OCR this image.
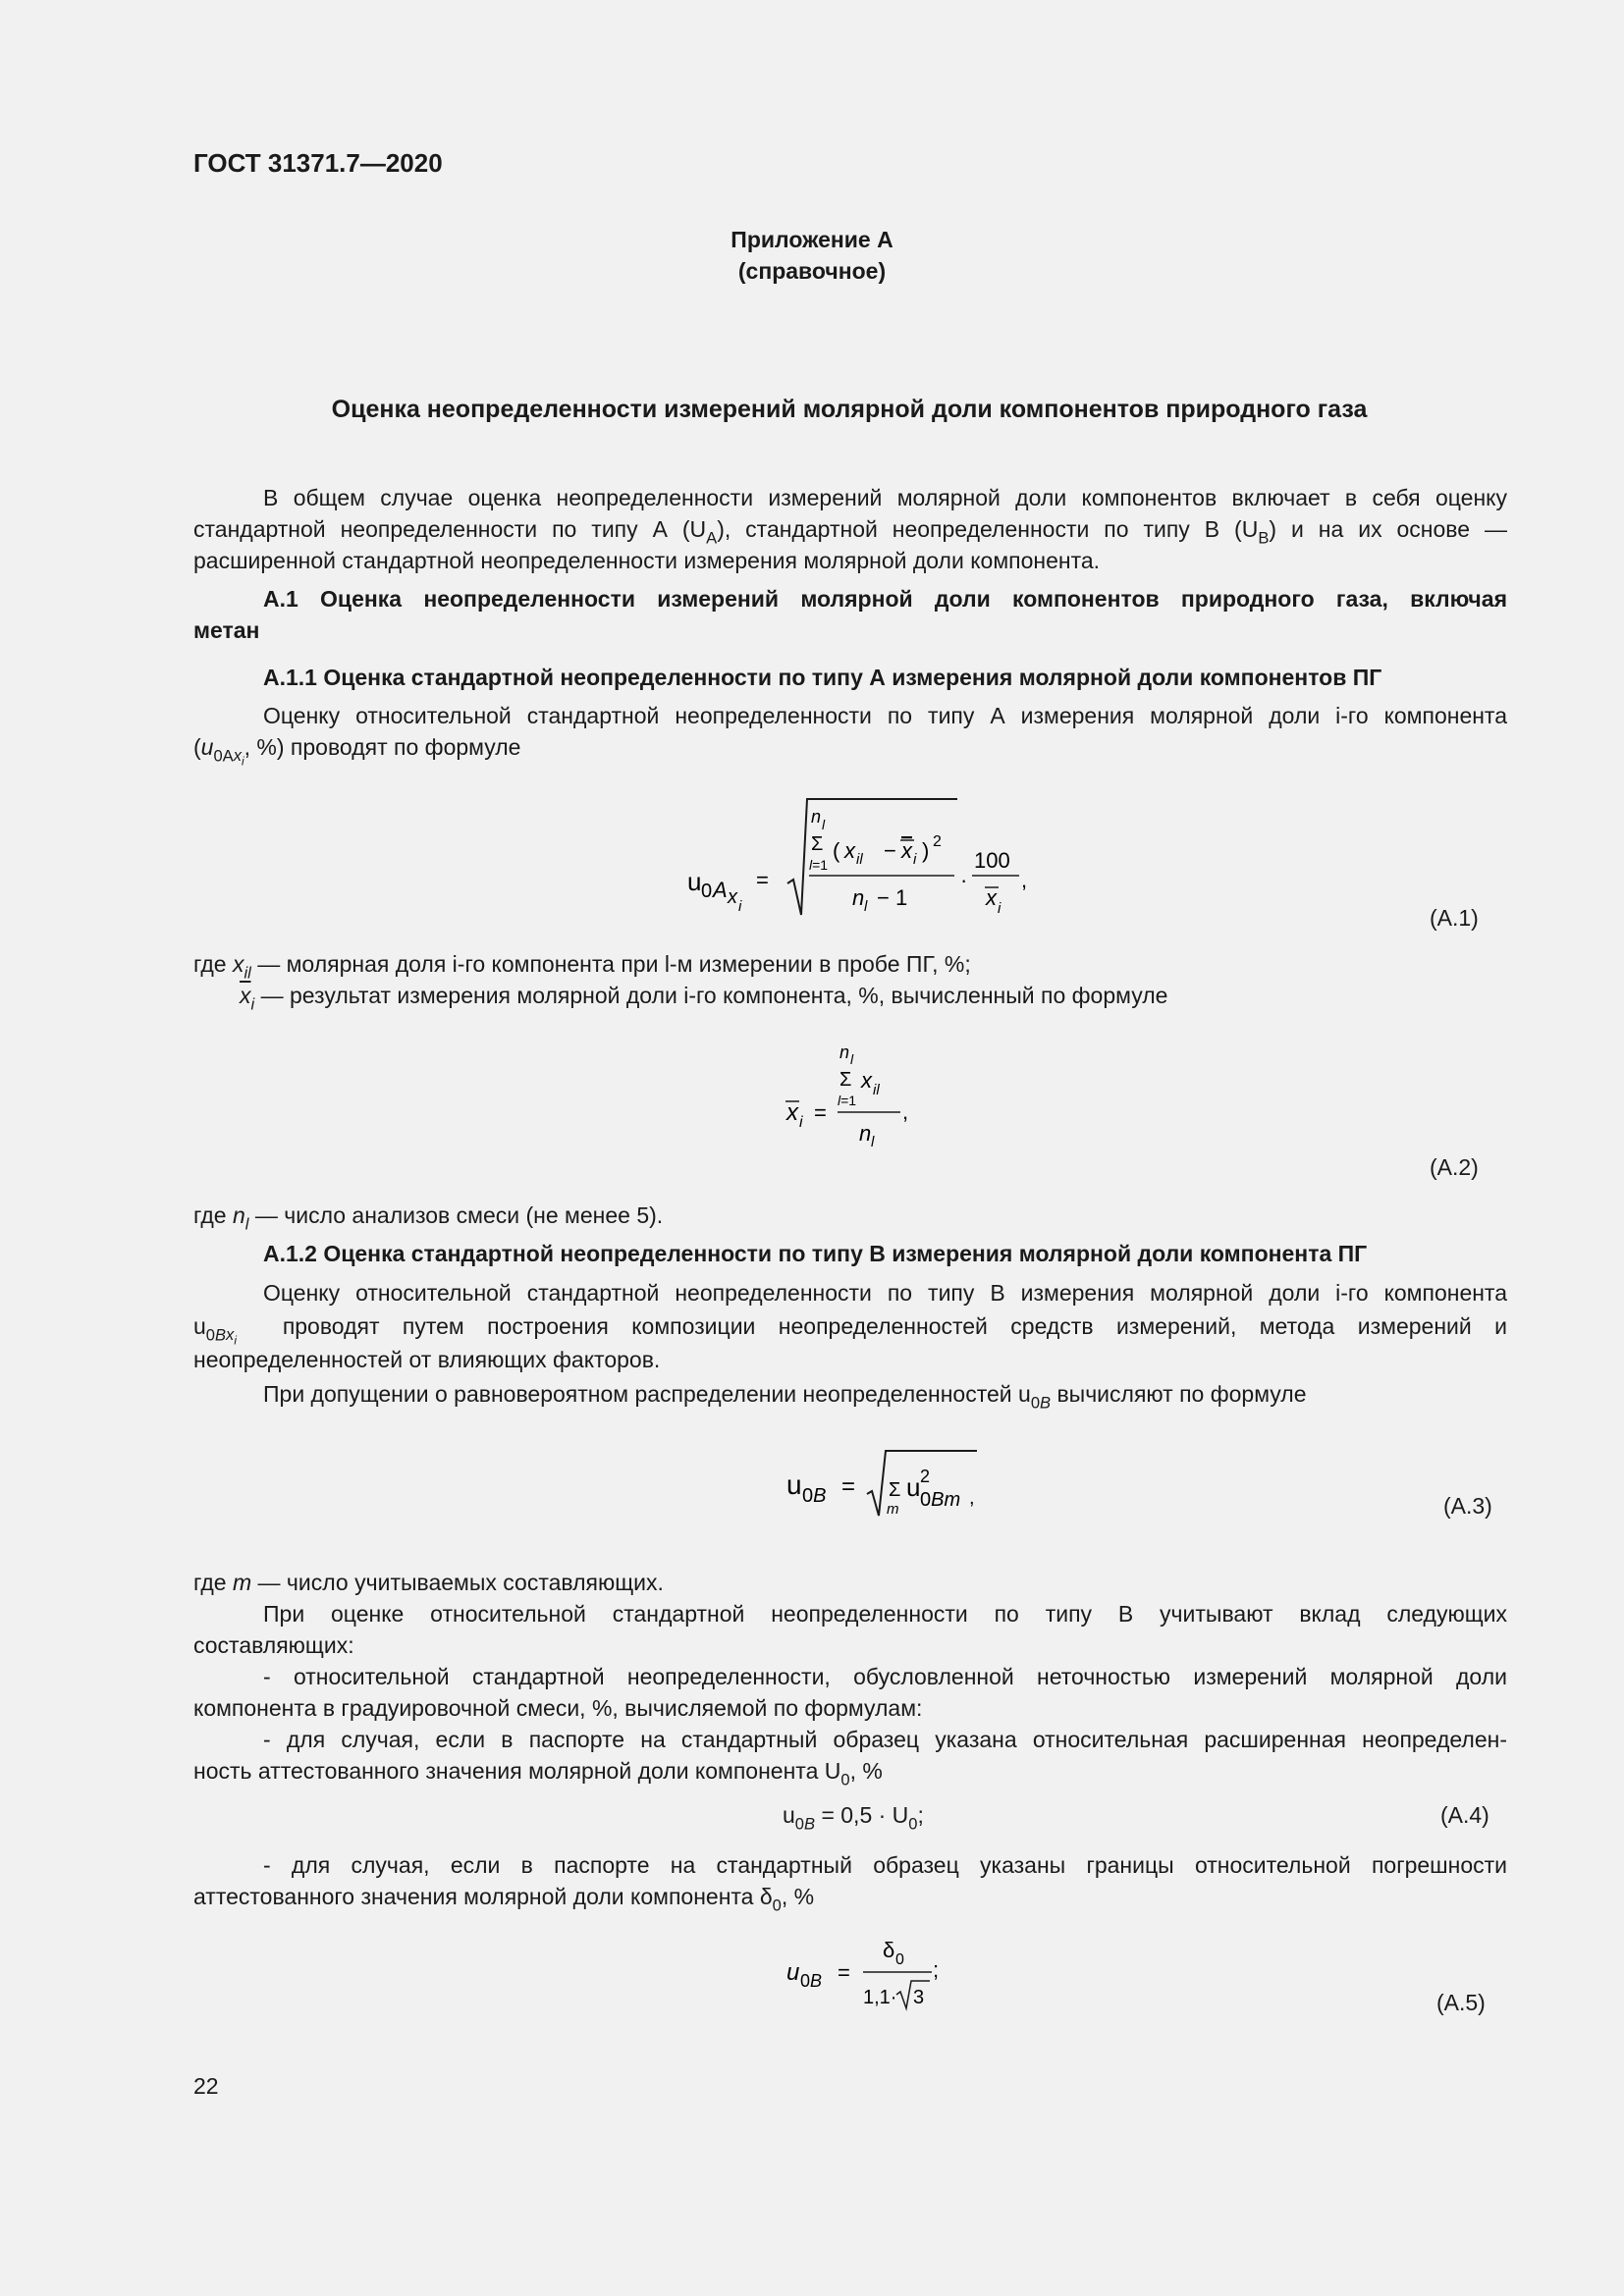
ГОСТ 31371.7—2020
Приложение А
(справочное)
Оценка неопределенности измерений молярной доли компонентов природного газа
В общем случае оценка неопределенности измерений молярной доли компонентов включает в себя оценку
стандартной неопределенности по типу А $(U_A)$, стандартной неопределенности по типу В $(U_B)$ и на их основе —
расширенной стандартной неопределенности измерения молярной доли компонента.
А.1 Оценка неопределенности измерений молярной доли компонентов природного газа, включая
метан
А.1.1 Оценка стандартной неопределенности по типу А измерения молярной доли компонентов ПГ
Оценку относительной стандартной неопределенности по типу А измерения молярной доли i-го компонента
($u_{0Ax_i}$, %) проводят по формуле
u 0 A x i
=
n l
Σ
l=1
( x il − x i ) 2
n l − 1
·
100
x i
,
(А.1)
где $x_{il}$ — молярная доля i-го компонента при l-м измерении в пробе ПГ, %;
$\overline{x}_i$ — результат измерения молярной доли i-го компонента, %, вычисленный по формуле
n l
Σ
l=1
x il
x i =
n l
,
(А.2)
где $n_l$ — число анализов смеси (не менее 5).
А.1.2 Оценка стандартной неопределенности по типу В измерения молярной доли компонента ПГ
Оценку относительной стандартной неопределенности по типу В измерения молярной доли i-го компонента
$u_{0Bx_i}$  проводят путем построения композиции неопределенностей средств измерений, метода измерений и
неопределенностей от влияющих факторов.
При допущении о равновероятном распределении неопределенностей $u_{0B}$ вычисляют по формуле
u 0B = Σ
m
u 2
0Bm ,	(А.3)
где m — число учитываемых составляющих.
При оценке относительной стандартной неопределенности по типу В учитывают вклад следующих
составляющих:
- относительной стандартной неопределенности, обусловленной неточностью измерений молярной доли
компонента в градуировочной смеси, %, вычисляемой по формулам:
- для случая, если в паспорте на стандартный образец указана относительная расширенная неопределен-
ность аттестованного значения молярной доли компонента $U_0$, %
$u_{0B} = 0,5 \cdot U_0$;	(А.4)
- для случая, если в паспорте на стандартный образец указаны границы относительной погрешности
аттестованного значения молярной доли компонента $\delta_0$, %
u 0B =
δ 0
1,1· 3
;
(А.5)
22
